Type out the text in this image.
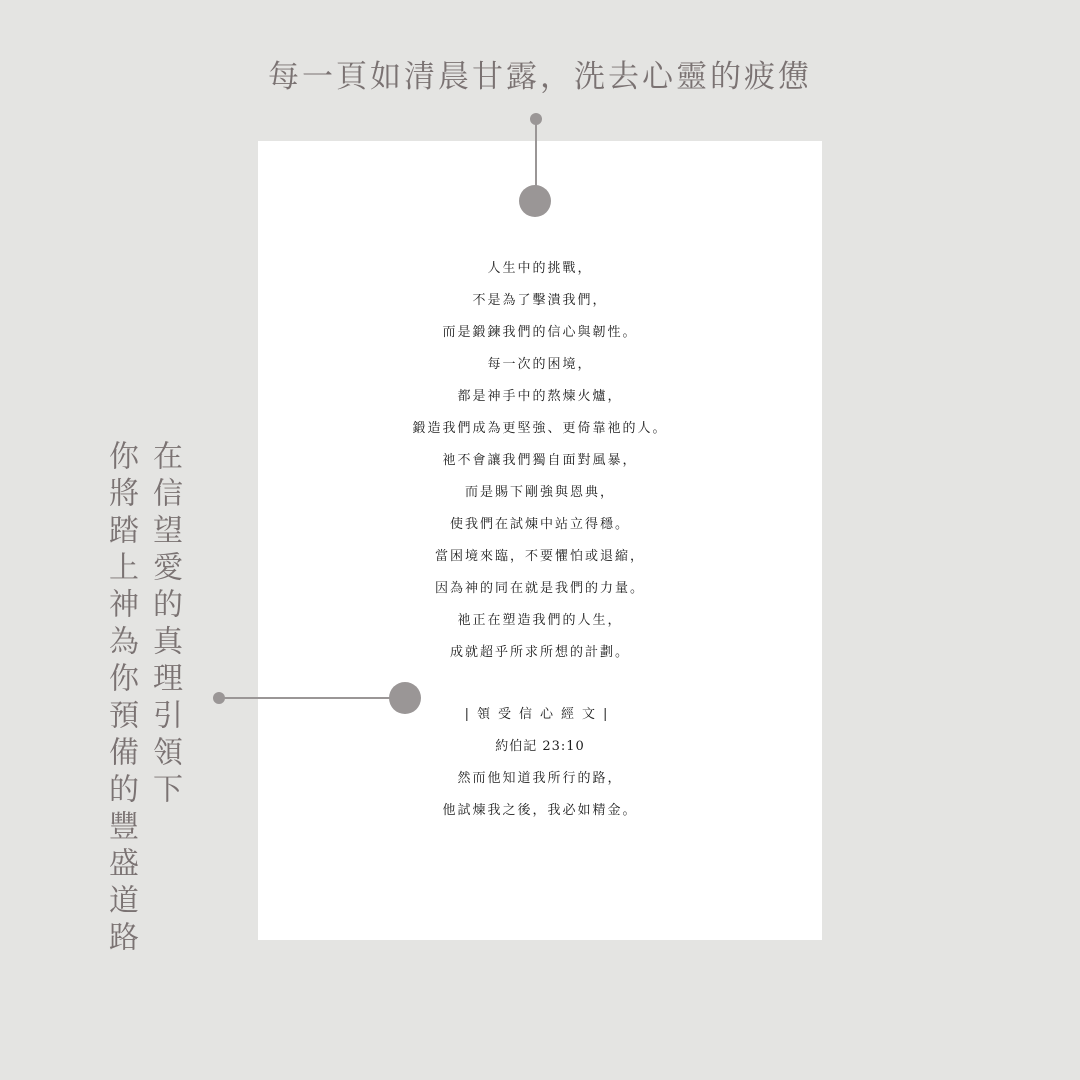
每一頁如清晨甘露，洗去心靈的疲憊
在信望愛的真理引領下
你將踏上神為你預備的豐盛道路
人生中的挑戰，
不是為了擊潰我們，
而是鍛鍊我們的信心與韌性。
每一次的困境，
都是神手中的熬煉火爐，
鍛造我們成為更堅強、更倚靠祂的人。
祂不會讓我們獨自面對風暴，
而是賜下剛強與恩典，
使我們在試煉中站立得穩。
當困境來臨，不要懼怕或退縮，
因為神的同在就是我們的力量。
祂正在塑造我們的人生，
成就超乎所求所想的計劃。
|領受信心經文|
約伯記 23:10
然而他知道我所行的路，
他試煉我之後，我必如精金。
